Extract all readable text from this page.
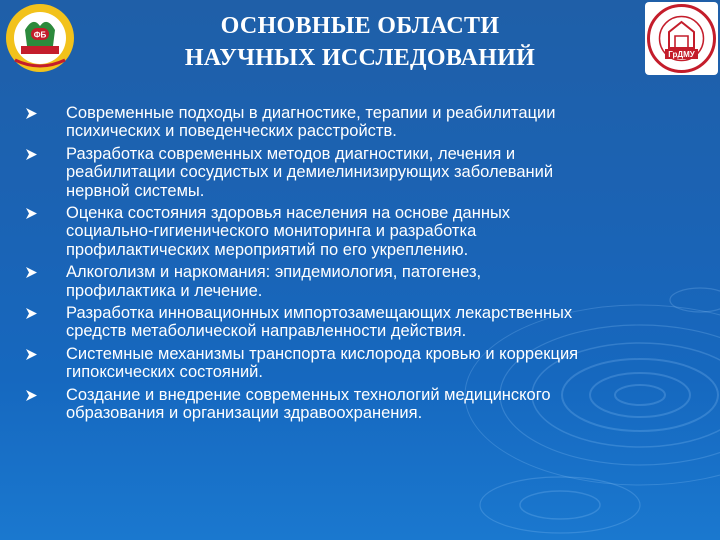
ФБ
ГрДМУ
ОСНОВНЫЕ ОБЛАСТИ
НАУЧНЫХ ИССЛЕДОВАНИЙ
Современные подходы в диагностике, терапии и реабилитации
психических и поведенческих расстройств.
Разработка современных методов диагностики, лечения и
реабилитации сосудистых и демиелинизирующих заболеваний
нервной системы.
Оценка состояния здоровья населения на основе данных
социально-гигиенического мониторинга и разработка
профилактических мероприятий по его укреплению.
Алкоголизм и наркомания: эпидемиология, патогенез,
профилактика и лечение.
Разработка инновационных импортозамещающих лекарственных
средств метаболической направленности действия.
Системные механизмы транспорта кислорода кровью и коррекция
гипоксических состояний.
Создание и внедрение современных технологий медицинского
образования и организации здравоохранения.
